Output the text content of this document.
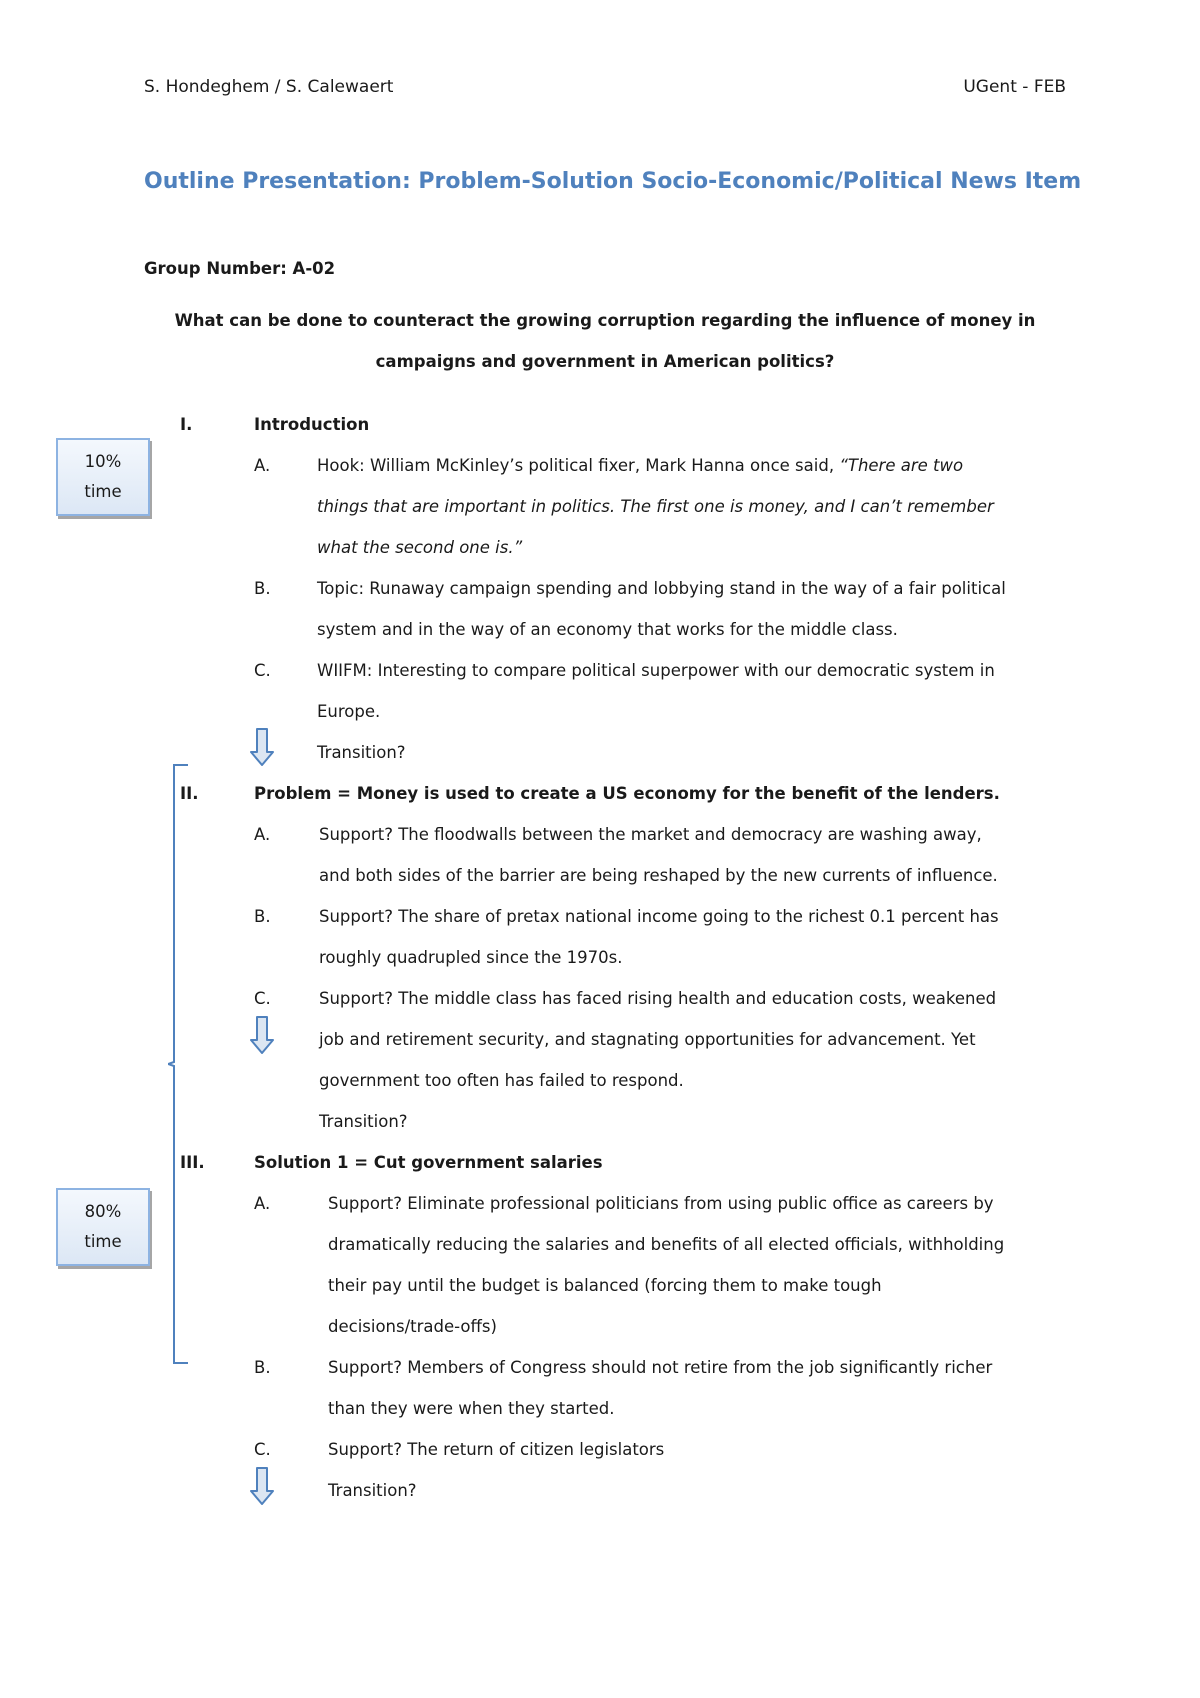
S. Hondeghem / S. Calewaert	UGent - FEB
Outline Presentation: Problem-Solution Socio-Economic/Political News Item
Group Number: A-02
What can be done to counteract the growing corruption regarding the influence of money in
campaigns and government in American politics?
10%
time
80%
time
I.	Introduction
A.	Hook: William McKinley’s political fixer, Mark Hanna once said, “There are two
things that are important in politics. The first one is money, and I can’t remember
what the second one is.”
B.	Topic: Runaway campaign spending and lobbying stand in the way of a fair political
system and in the way of an economy that works for the middle class.
C.	WIIFM: Interesting to compare political superpower with our democratic system in
Europe.
Transition?
II.	Problem = Money is used to create a US economy for the benefit of the lenders.
A.	Support? The floodwalls between the market and democracy are washing away,
and both sides of the barrier are being reshaped by the new currents of influence.
B.	Support? The share of pretax national income going to the richest 0.1 percent has
roughly quadrupled since the 1970s.
C.	Support? The middle class has faced rising health and education costs, weakened
job and retirement security, and stagnating opportunities for advancement. Yet
government too often has failed to respond.
Transition?
III.	Solution 1 = Cut government salaries
A.	Support? Eliminate professional politicians from using public office as careers by
dramatically reducing the salaries and benefits of all elected officials, withholding
their pay until the budget is balanced (forcing them to make tough
decisions/trade-offs)
B.	Support? Members of Congress should not retire from the job significantly richer
than they were when they started.
C.	Support? The return of citizen legislators
Transition?
